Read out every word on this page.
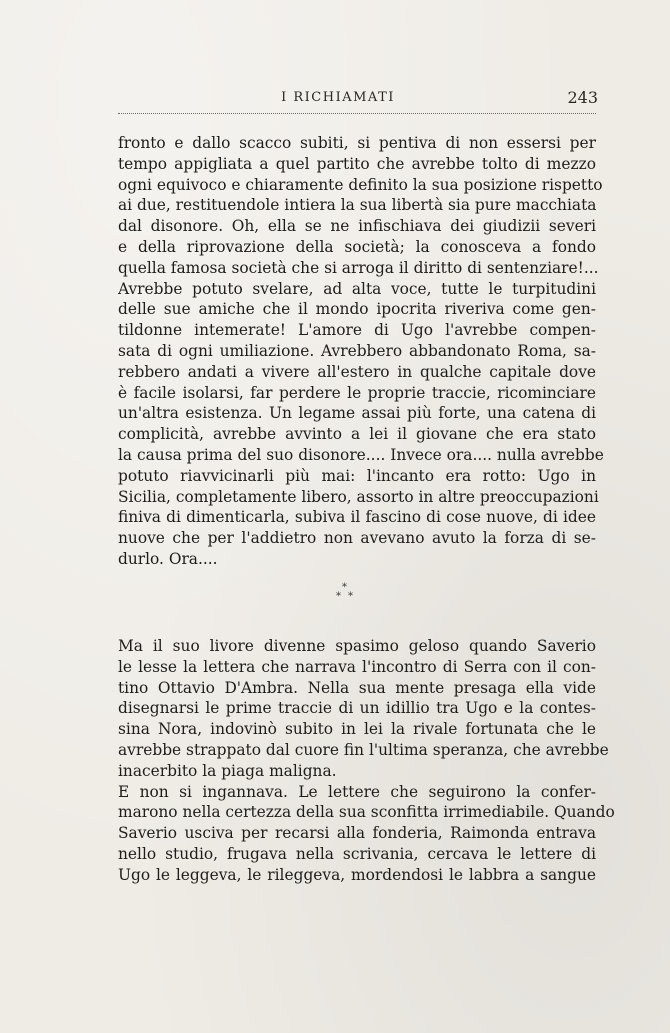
I RICHIAMATI	243
fronto e dallo scacco subiti, si pentiva di non essersi per
tempo appigliata a quel partito che avrebbe tolto di mezzo
ogni equivoco e chiaramente definito la sua posizione rispetto
ai due, restituendole intiera la sua libertà sia pure macchiata
dal disonore. Oh, ella se ne infischiava dei giudizii severi
e della riprovazione della società; la conosceva a fondo
quella famosa società che si arroga il diritto di sentenziare!...
Avrebbe potuto svelare, ad alta voce, tutte le turpitudini
delle sue amiche che il mondo ipocrita riveriva come gen-
tildonne intemerate! L'amore di Ugo l'avrebbe compen-
sata di ogni umiliazione. Avrebbero abbandonato Roma, sa-
rebbero andati a vivere all'estero in qualche capitale dove
è facile isolarsi, far perdere le proprie traccie, ricominciare
un'altra esistenza. Un legame assai più forte, una catena di
complicità, avrebbe avvinto a lei il giovane che era stato
la causa prima del suo disonore.... Invece ora.... nulla avrebbe
potuto riavvicinarli più mai: l'incanto era rotto: Ugo in
Sicilia, completamente libero, assorto in altre preoccupazioni
finiva di dimenticarla, subiva il fascino di cose nuove, di idee
nuove che per l'addietro non avevano avuto la forza di se-
durlo. Ora....
*
* *
Ma il suo livore divenne spasimo geloso quando Saverio
le lesse la lettera che narrava l'incontro di Serra con il con-
tino Ottavio D'Ambra. Nella sua mente presaga ella vide
disegnarsi le prime traccie di un idillio tra Ugo e la contes-
sina Nora, indovinò subito in lei la rivale fortunata che le
avrebbe strappato dal cuore fin l'ultima speranza, che avrebbe
inacerbito la piaga maligna.
E non si ingannava. Le lettere che seguirono la confer-
marono nella certezza della sua sconfitta irrimediabile. Quando
Saverio usciva per recarsi alla fonderia, Raimonda entrava
nello studio, frugava nella scrivania, cercava le lettere di
Ugo le leggeva, le rileggeva, mordendosi le labbra a sangue
